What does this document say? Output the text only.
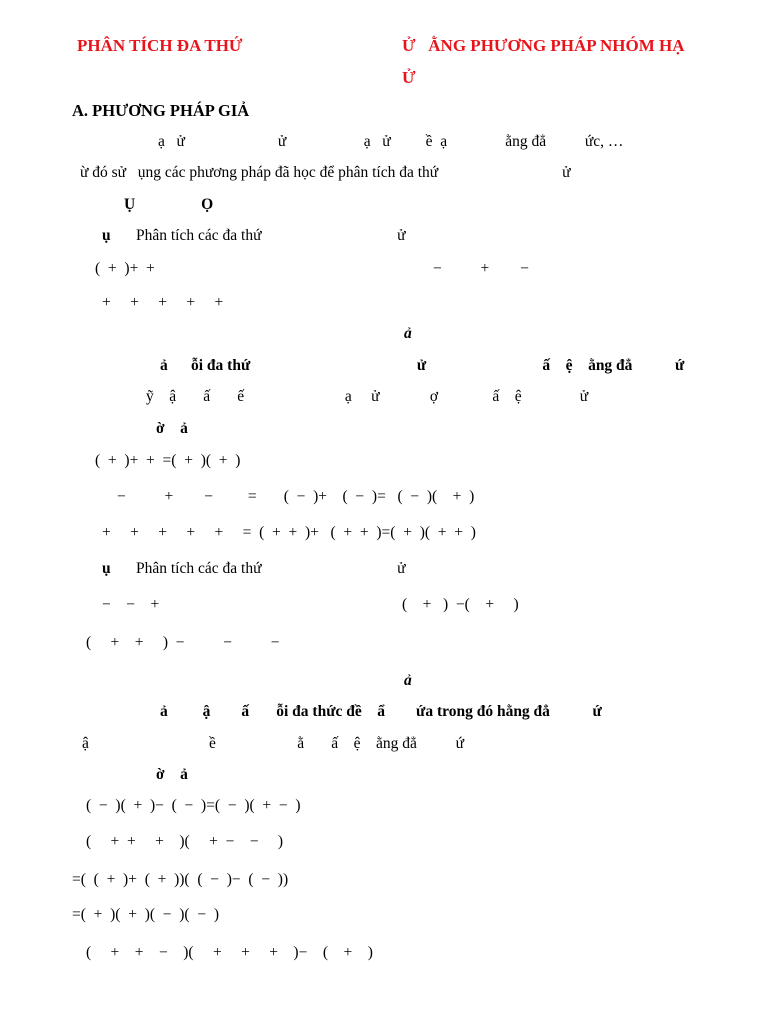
PHÂN TÍCH ĐA THỨ	Ử   ẰNG PHƯƠNG PHÁP NHÓM HẠ
Ử
A. PHƯƠNG PHÁP GIẢ
ạ   ử                        ử                    ạ   ử         ề  ạ               ằng đẳ          ức, …
ừ đó sử   ụng các phương pháp đã học để phân tích đa thứ                                ử
Ụ                 Ọ
ụ Phân tích các đa thứ                                   ử
(  +  )+  +	−          +        −
+     +     +     +     +
ả
ả      ỗi đa thứ                                           ử                              ấ    ệ    ằng đẳ           ứ
ỹ    ậ       ấ       ế                          ạ     ử             ợ              ấ    ệ               ử
ờ    ả
(  +  )+  +  =(  +  )(  +  )
−          +        −         =       (  −  )+    (  −  )=   (  −  )(    +  )
+     +     +     +     +     =  (  +  +  )+   (  +  +  )=(  +  )(  +  +  )
ụ Phân tích các đa thứ                                   ử
−    −    +	(    +   )  −(    +     )
(     +    +     )  −          −          −
ả
ả         ậ        ấ       ỗi đa thức đề    ẩ        ứa trong đó hằng đẳ           ứ
ậ                               ề                     ằ       ấ    ệ    ằng đẳ          ứ
ờ    ả
(  −  )(  +  )−  (  −  )=(  −  )(  +  −  )
(     +  +     +    )(     +  −    −     )
=(  (  +  )+  (  +  ))(  (  −  )−  (  −  ))
=(  +  )(  +  )(  −  )(  −  )
(     +    +    −    )(     +     +     +    )−    (    +    )
